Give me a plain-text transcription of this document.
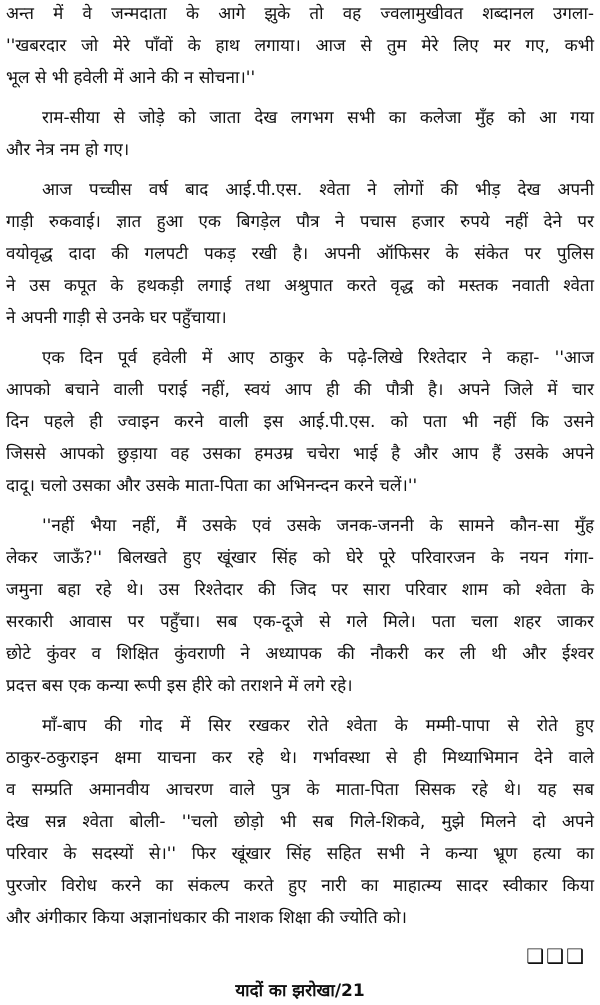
अन्त में वे जन्मदाता के आगे झुके तो वह ज्वलामुखीवत शब्दानल उगला-
''खबरदार जो मेरे पाँवों के हाथ लगाया। आज से तुम मेरे लिए मर गए, कभी
भूल से भी हवेली में आने की न सोचना।''
राम-सीया से जोड़े को जाता देख लगभग सभी का कलेजा मुँह को आ गया
और नेत्र नम हो गए।
आज पच्चीस वर्ष बाद आई.पी.एस. श्वेता ने लोगों की भीड़ देख अपनी
गाड़ी रुकवाई। ज्ञात हुआ एक बिगड़ेल पौत्र ने पचास हजार रुपये नहीं देने पर
वयोवृद्ध दादा की गलपटी पकड़ रखी है। अपनी ऑफिसर के संकेत पर पुलिस
ने उस कपूत के हथकड़ी लगाई तथा अश्रुपात करते वृद्ध को मस्तक नवाती श्वेता
ने अपनी गाड़ी से उनके घर पहुँचाया।
एक दिन पूर्व हवेली में आए ठाकुर के पढ़े-लिखे रिश्तेदार ने कहा- ''आज
आपको बचाने वाली पराई नहीं, स्वयं आप ही की पौत्री है। अपने जिले में चार
दिन पहले ही ज्वाइन करने वाली इस आई.पी.एस. को पता भी नहीं कि उसने
जिससे आपको छुड़ाया वह उसका हमउम्र चचेरा भाई है और आप हैं उसके अपने
दादू। चलो उसका और उसके माता-पिता का अभिनन्दन करने चलें।''
''नहीं भैया नहीं, मैं उसके एवं उसके जनक-जननी के सामने कौन-सा मुँह
लेकर जाऊँ?'' बिलखते हुए खूंखार सिंह को घेरे पूरे परिवारजन के नयन गंगा-
जमुना बहा रहे थे। उस रिश्तेदार की जिद पर सारा परिवार शाम को श्वेता के
सरकारी आवास पर पहुँचा। सब एक-दूजे से गले मिले। पता चला शहर जाकर
छोटे कुंवर व शिक्षित कुंवराणी ने अध्यापक की नौकरी कर ली थी और ईश्वर
प्रदत्त बस एक कन्या रूपी इस हीरे को तराशने में लगे रहे।
माँ-बाप की गोद में सिर रखकर रोते श्वेता के मम्मी-पापा से रोते हुए
ठाकुर-ठकुराइन क्षमा याचना कर रहे थे। गर्भावस्था से ही मिथ्याभिमान देने वाले
व सम्प्रति अमानवीय आचरण वाले पुत्र के माता-पिता सिसक रहे थे। यह सब
देख सन्न श्वेता बोली- ''चलो छोड़ो भी सब गिले-शिकवे, मुझे मिलने दो अपने
परिवार के सदस्यों से।'' फिर खूंखार सिंह सहित सभी ने कन्या भ्रूण हत्या का
पुरजोर विरोध करने का संकल्प करते हुए नारी का माहात्म्य सादर स्वीकार किया
और अंगीकार किया अज्ञानांधकार की नाशक शिक्षा की ज्योति को।
❑❑❑
यादों का झरोखा/21
